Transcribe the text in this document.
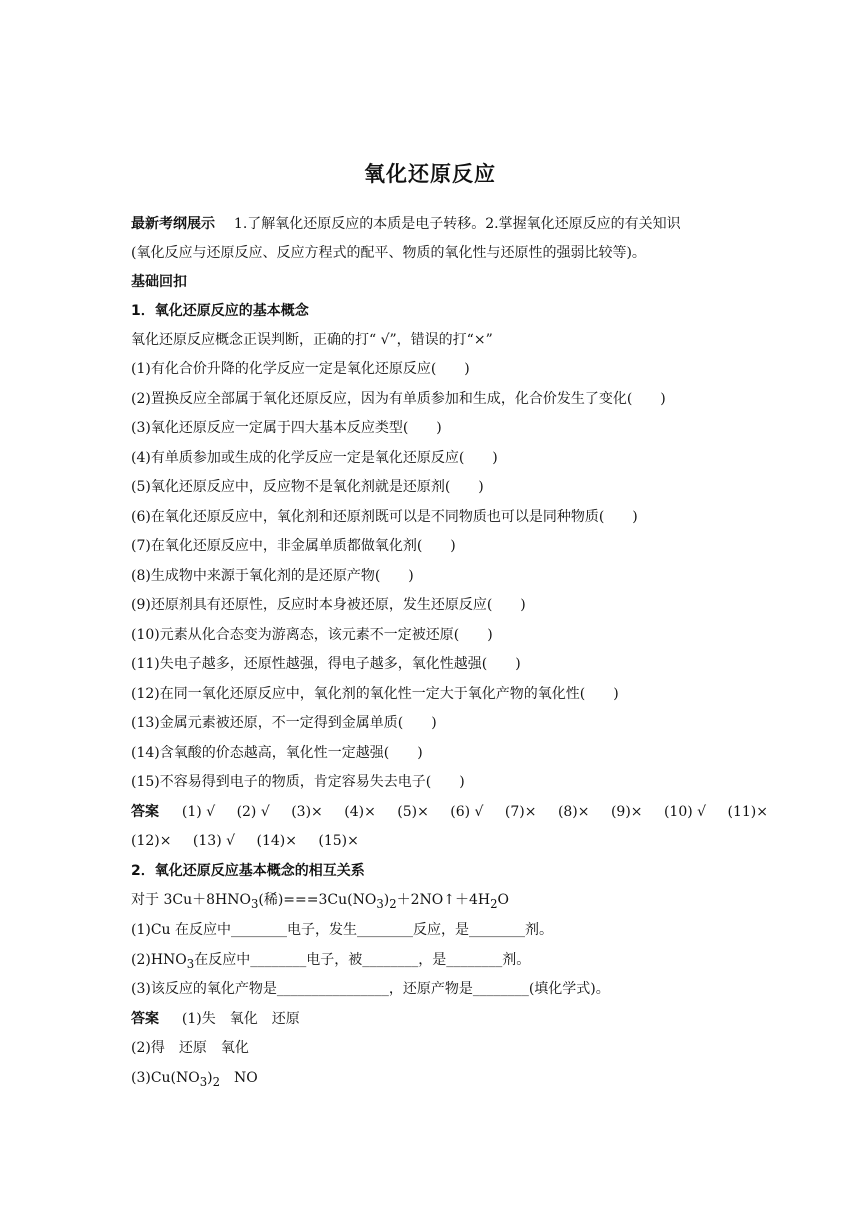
氧化还原反应
最新考纲展示 1.了解氧化还原反应的本质是电子转移。2.掌握氧化还原反应的有关知识
(氧化反应与还原反应、反应方程式的配平、物质的氧化性与还原性的强弱比较等)。
基础回扣
1．氧化还原反应的基本概念
氧化还原反应概念正误判断，正确的打“ √”，错误的打“×”
(1)有化合价升降的化学反应一定是氧化还原反应(　　)
(2)置换反应全部属于氧化还原反应，因为有单质参加和生成，化合价发生了变化(　　)
(3)氧化还原反应一定属于四大基本反应类型(　　)
(4)有单质参加或生成的化学反应一定是氧化还原反应(　　)
(5)氧化还原反应中，反应物不是氧化剂就是还原剂(　　)
(6)在氧化还原反应中，氧化剂和还原剂既可以是不同物质也可以是同种物质(　　)
(7)在氧化还原反应中，非金属单质都做氧化剂(　　)
(8)生成物中来源于氧化剂的是还原产物(　　)
(9)还原剂具有还原性，反应时本身被还原，发生还原反应(　　)
(10)元素从化合态变为游离态，该元素不一定被还原(　　)
(11)失电子越多，还原性越强，得电子越多，氧化性越强(　　)
(12)在同一氧化还原反应中，氧化剂的氧化性一定大于氧化产物的氧化性(　　)
(13)金属元素被还原，不一定得到金属单质(　　)
(14)含氧酸的价态越高，氧化性一定越强(　　)
(15)不容易得到电子的物质，肯定容易失去电子(　　)
答案 (1) √ (2) √ (3)× (4)× (5)× (6) √ (7)× (8)× (9)× (10) √ (11)×
(12)× (13) √ (14)× (15)×
2．氧化还原反应基本概念的相互关系
对于 $3Cu+8HNO_3$(稀)$===3Cu(NO_3)_2+2NO↑+4H_2O$
(1)Cu 在反应中________电子，发生________反应，是________剂。
$(2)HNO_3$在反应中________电子，被________，是________剂。
(3)该反应的氧化产物是________________，还原产物是________(填化学式)。
答案 (1)失　氧化　还原
(2)得　还原　氧化
$(3)Cu(NO_3)_2$　NO
